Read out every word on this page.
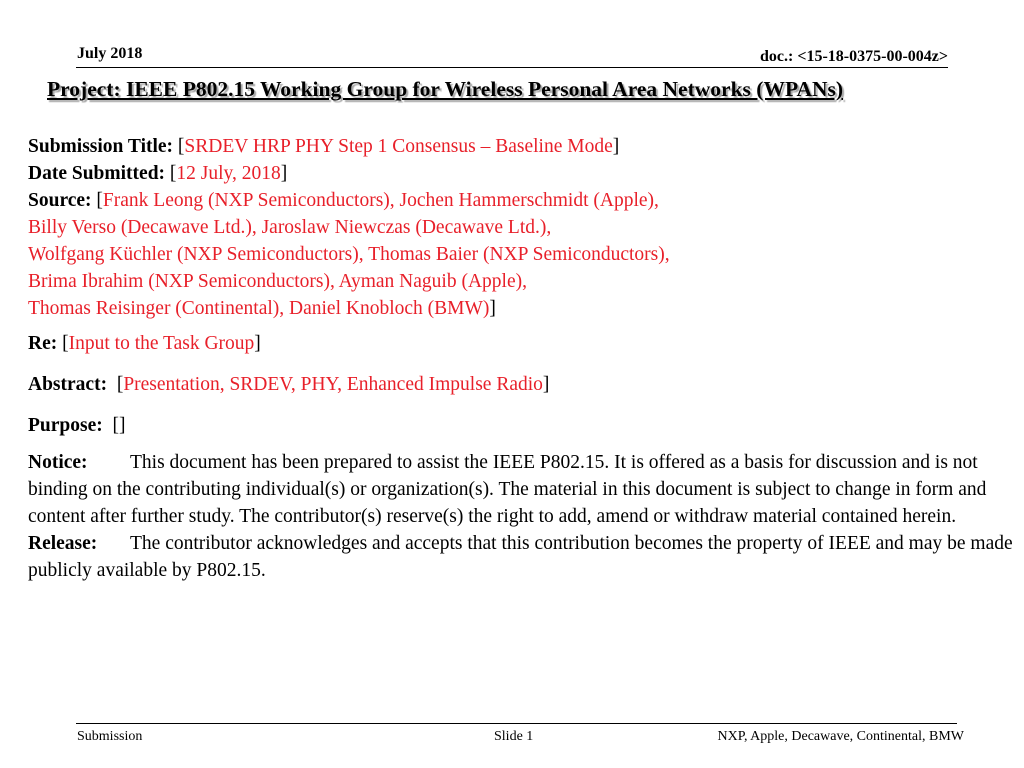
July 2018	doc.: <15-18-0375-00-004z>
Project: IEEE P802.15 Working Group for Wireless Personal Area Networks (WPANs)
Submission Title: [SRDEV HRP PHY Step 1 Consensus – Baseline Mode]
Date Submitted: [12 July, 2018]
Source: [Frank Leong (NXP Semiconductors), Jochen Hammerschmidt (Apple),
Billy Verso (Decawave Ltd.), Jaroslaw Niewczas (Decawave Ltd.),
Wolfgang Küchler (NXP Semiconductors), Thomas Baier (NXP Semiconductors),
Brima Ibrahim (NXP Semiconductors), Ayman Naguib (Apple),
Thomas Reisinger (Continental), Daniel Knobloch (BMW)]
Re: [Input to the Task Group]
Abstract:  [Presentation, SRDEV, PHY, Enhanced Impulse Radio]
Purpose:  []
Notice: This document has been prepared to assist the IEEE P802.15. It is offered as a basis for discussion and is not binding on the contributing individual(s) or organization(s). The material in this document is subject to change in form and content after further study. The contributor(s) reserve(s) the right to add, amend or withdraw material contained herein.
Release: The contributor acknowledges and accepts that this contribution becomes the property of IEEE and may be made publicly available by P802.15.
Submission	Slide 1	NXP, Apple, Decawave, Continental, BMW
